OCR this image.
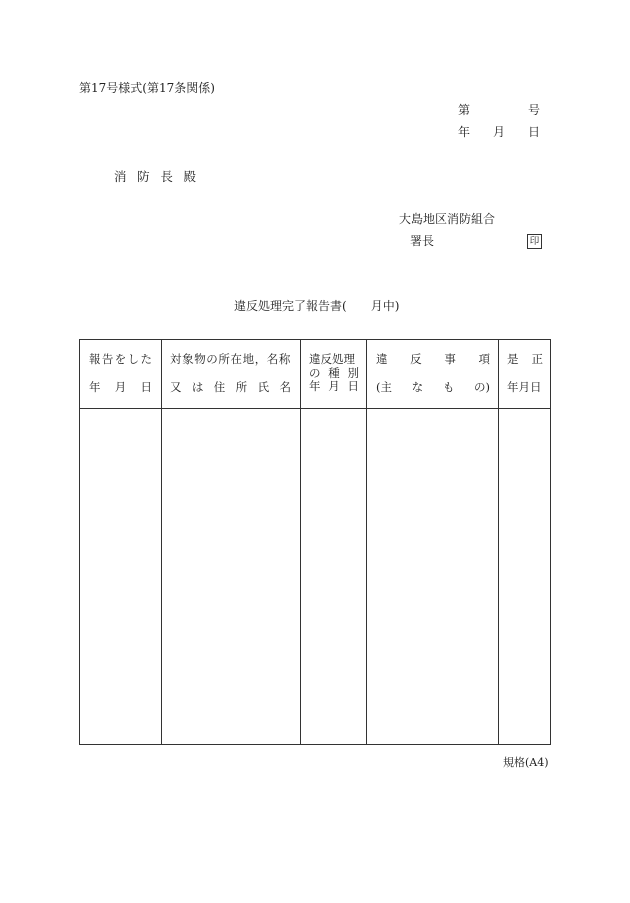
第17号様式(第17条関係)
第	号
年 月 日
消 防 長 殿
大島地区消防組合
署長	印
違反処理完了報告書( 月中)
報 告 を し た
年 月 日
対象物の所在地，名称
又 は 住 所 氏 名
違反処理
の 種 別
年 月 日
違 反 事 項
(主 な も の)
是 正
年月日
規格(A4)
